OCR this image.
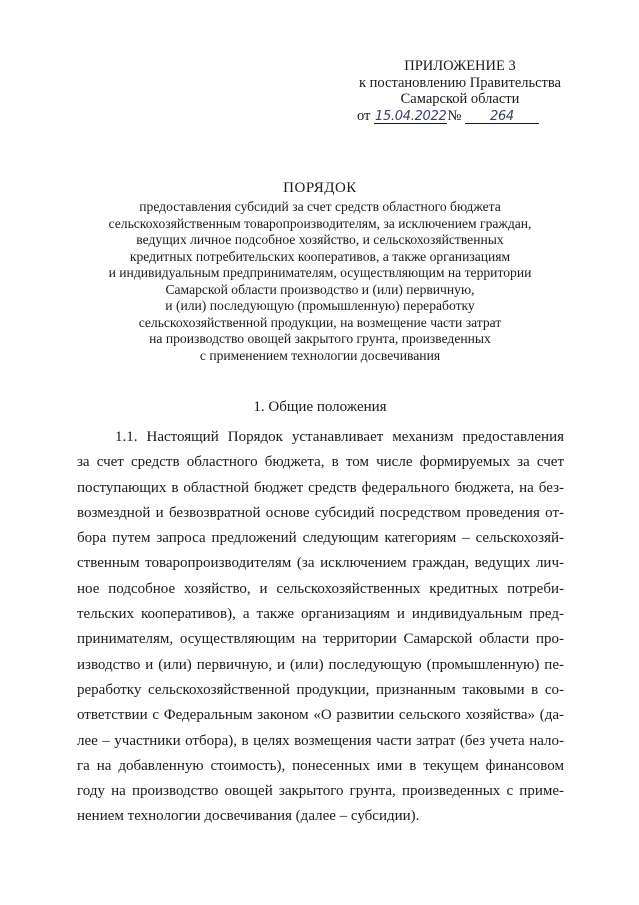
ПРИЛОЖЕНИЕ 3
к постановлению Правительства
Самарской области
от 15.04.2022№ 264
ПОРЯДОК
предоставления субсидий за счет средств областного бюджета
сельскохозяйственным товаропроизводителям, за исключением граждан,
ведущих личное подсобное хозяйство, и сельскохозяйственных
кредитных потребительских кооперативов, а также организациям
и индивидуальным предпринимателям, осуществляющим на территории
Самарской области производство и (или) первичную,
и (или) последующую (промышленную) переработку
сельскохозяйственной продукции, на возмещение части затрат
на производство овощей закрытого грунта, произведенных
с применением технологии досвечивания
1. Общие положения
1.1. Настоящий Порядок устанавливает механизм предоставления
за счет средств областного бюджета, в том числе формируемых за счет
поступающих в областной бюджет средств федерального бюджета, на без-
возмездной и безвозвратной основе субсидий посредством проведения от-
бора путем запроса предложений следующим категориям – сельскохозяй-
ственным товаропроизводителям (за исключением граждан, ведущих лич-
ное подсобное хозяйство, и сельскохозяйственных кредитных потреби-
тельских кооперативов), а также организациям и индивидуальным пред-
принимателям, осуществляющим на территории Самарской области про-
изводство и (или) первичную, и (или) последующую (промышленную) пе-
реработку сельскохозяйственной продукции, признанным таковыми в со-
ответствии с Федеральным законом «О развитии сельского хозяйства» (да-
лее – участники отбора), в целях возмещения части затрат (без учета нало-
га на добавленную стоимость), понесенных ими в текущем финансовом
году на производство овощей закрытого грунта, произведенных с приме-
нением технологии досвечивания (далее – субсидии).
